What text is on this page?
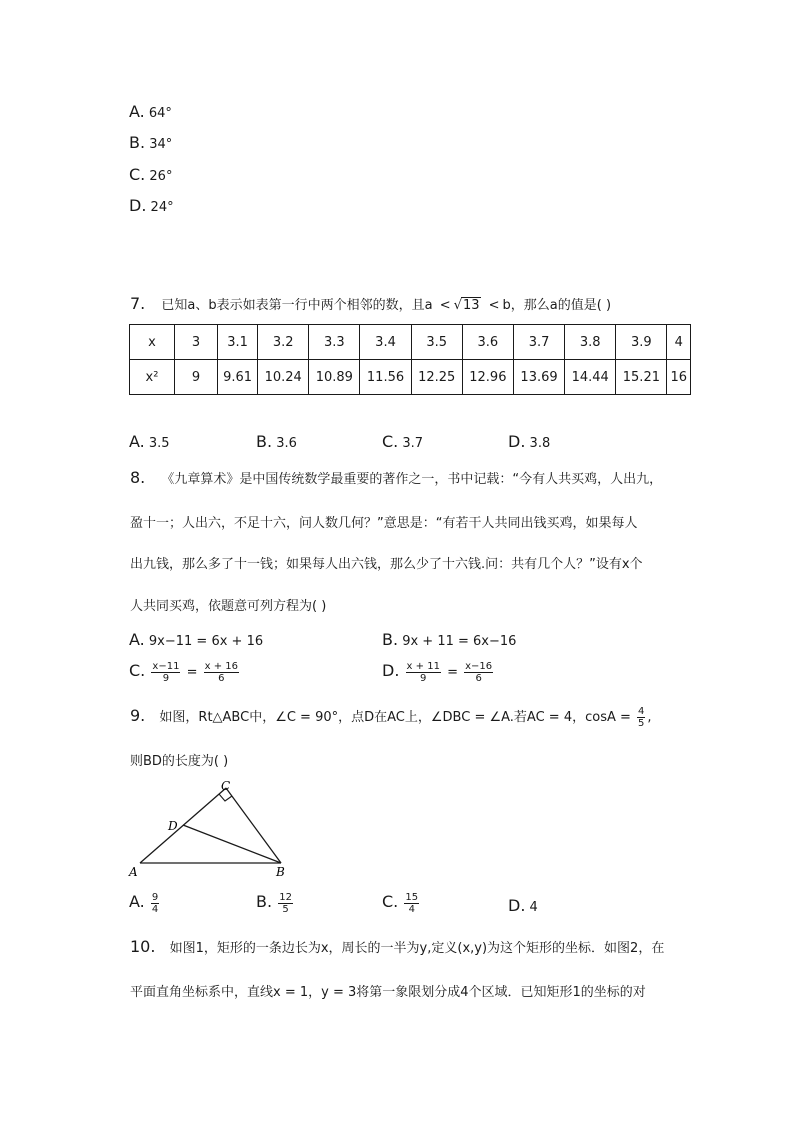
A. 64°
B. 34°
C. 26°
D. 24°
7. 已知a、b表示如表第一行中两个相邻的数，且a < √13 < b，那么a的值是( )
x	3	3.1	3.2	3.3	3.4	3.5	3.6	3.7	3.8	3.9	4
x²	9	9.61	10.24	10.89	11.56	12.25	12.96	13.69	14.44	15.21	16
A. 3.5	B. 3.6	C. 3.7	D. 3.8
8. 《九章算术》是中国传统数学最重要的著作之一，书中记载：“今有人共买鸡，人出九，
盈十一；人出六，不足十六，问人数几何？”意思是：“有若干人共同出钱买鸡，如果每人
出九钱，那么多了十一钱；如果每人出六钱，那么少了十六钱.问：共有几个人？”设有x个
人共同买鸡，依题意可列方程为( )
A. 9x−11 = 6x + 16	B. 9x + 11 = 6x−16
C. $\frac{x-11}{9} = \frac{x + 16}{6}$	D. $\frac{x + 11}{9} = \frac{x-16}{6}$
9. 如图，Rt△ABC中，∠C = 90°，点D在AC上，∠DBC = ∠A.若AC = 4，$\cos A = \frac{4}{5}$ ,
则BD的长度为( )
C
D
A	B
A. $\frac{9}{4}$	B. $\frac{12}{5}$	C. $\frac{15}{4}$	D. 4
10. 如图1，矩形的一条边长为x，周长的一半为y,定义(x,y)为这个矩形的坐标．如图2，在
平面直角坐标系中，直线x = 1，y = 3将第一象限划分成4个区域．已知矩形1的坐标的对
